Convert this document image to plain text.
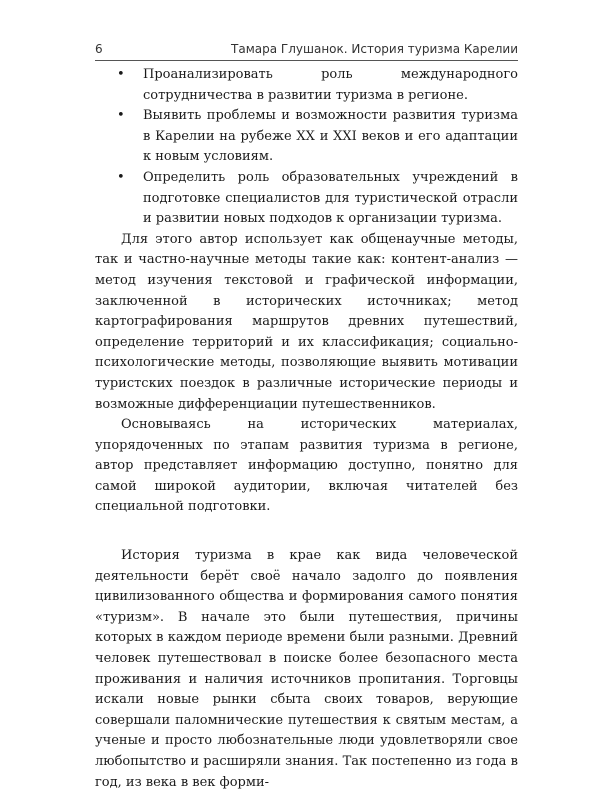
6	Тамара Глушанок. История туризма Карелии
• Проанализировать роль международного сотрудничества в развитии туризма в регионе.
• Выявить проблемы и возможности развития туризма в Карелии на рубеже XX и XXI веков и его адаптации к новым условиям.
• Определить роль образовательных учреждений в подготовке специалистов для туристической отрасли и развитии новых подходов к организации туризма.

Для этого автор использует как общенаучные методы, так и частно-научные методы такие как: контент-анализ — метод изучения текстовой и графической информации, заключенной в исторических источниках; метод картографирования маршрутов древних путешествий, определение территорий и их классификация; социально-психологические методы, позволяющие выявить мотивации туристских поездок в различные исторические периоды и возможные дифференциации путешественников.

Основываясь на исторических материалах, упорядоченных по этапам развития туризма в регионе, автор представляет информацию доступно, понятно для самой широкой аудитории, включая читателей без специальной подготовки.

История туризма в крае как вида человеческой деятельности берёт своё начало задолго до появления цивилизованного общества и формирования самого понятия «туризм». В начале это были путешествия, причины которых в каждом периоде времени были разными. Древний человек путешествовал в поиске более безопасного места проживания и наличия источников пропитания. Торговцы искали новые рынки сбыта своих товаров, верующие совершали паломнические путешествия к святым местам, а ученые и просто любознательные люди удовлетворяли свое любопытство и расширяли знания. Так постепенно из года в год, из века в век форми-
